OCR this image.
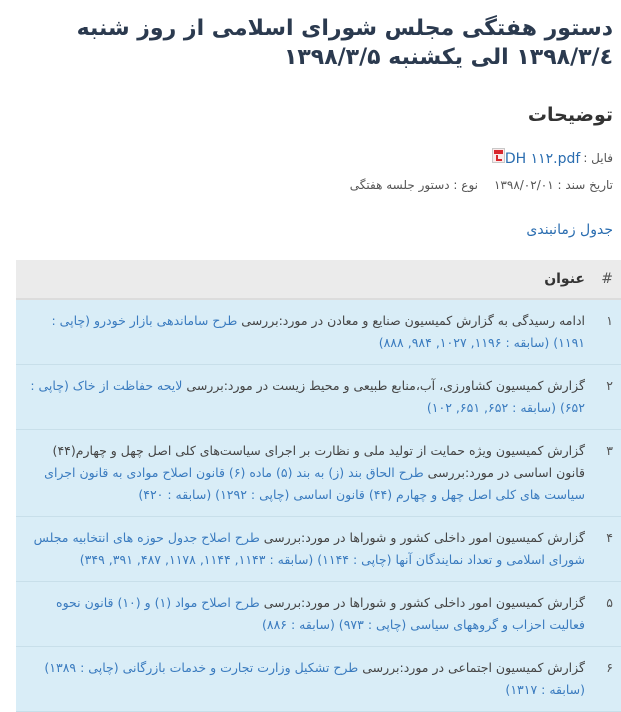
دستور هفتگی مجلس شورای اسلامی از روز شنبه ۱۳۹۸/۳/٤ الی یکشنبه ۱۳۹۸/۳/۵
توضیحات
فایل :
DH ۱۱۲.pdf
تاریخ سند : ۱۳۹۸/۰۲/۰۱
نوع : دستور جلسه هفتگی
جدول زمانبندی
#	عنوان
۱	ادامه رسیدگی به گزارش کمیسیون صنایع و معادن در مورد:بررسی طرح ساماندهی بازار خودرو (چاپی : ۱۱۹۱) (سابقه : ۱۱۹۶, ۱۰۲۷, ۹۸۴, ۸۸۸)
۲	گزارش کمیسیون کشاورزی، آب،منابع طبیعی و محیط زیست در مورد:بررسی لایحه حفاظت از خاک (چاپی : ۶۵۲) (سابقه : ۶۵۲, ۶۵۱, ۱۰۲)
۳	گزارش کمیسیون ویژه حمایت از تولید ملی و نظارت بر اجرای سیاست‌های کلی اصل چهل و چهارم(۴۴) قانون اساسی در مورد:بررسی طرح الحاق بند (ز) به بند (۵) ماده (۶) قانون اصلاح موادی به قانون اجرای سیاست های کلی اصل چهل و چهارم (۴۴) قانون اساسی (چاپی : ۱۲۹۲) (سابقه : ۴۲۰)
۴	گزارش کمیسیون امور داخلی کشور و شوراها در مورد:بررسی طرح اصلاح جدول حوزه های انتخابیه مجلس شورای اسلامی و تعداد نمایندگان آنها (چاپی : ۱۱۴۴) (سابقه : ۱۱۴۳, ۱۱۴۴, ۱۱۷۸, ۴۸۷, ۳۹۱, ۳۴۹)
۵	گزارش کمیسیون امور داخلی کشور و شوراها در مورد:بررسی طرح اصلاح مواد (۱) و (۱۰) قانون نحوه فعالیت احزاب و گروههای سیاسی (چاپی : ۹۷۳) (سابقه : ۸۸۶)
۶	گزارش کمیسیون اجتماعی در مورد:بررسی طرح تشکیل وزارت تجارت و خدمات بازرگانی (چاپی : ۱۳۸۹) (سابقه : ۱۳۱۷)
